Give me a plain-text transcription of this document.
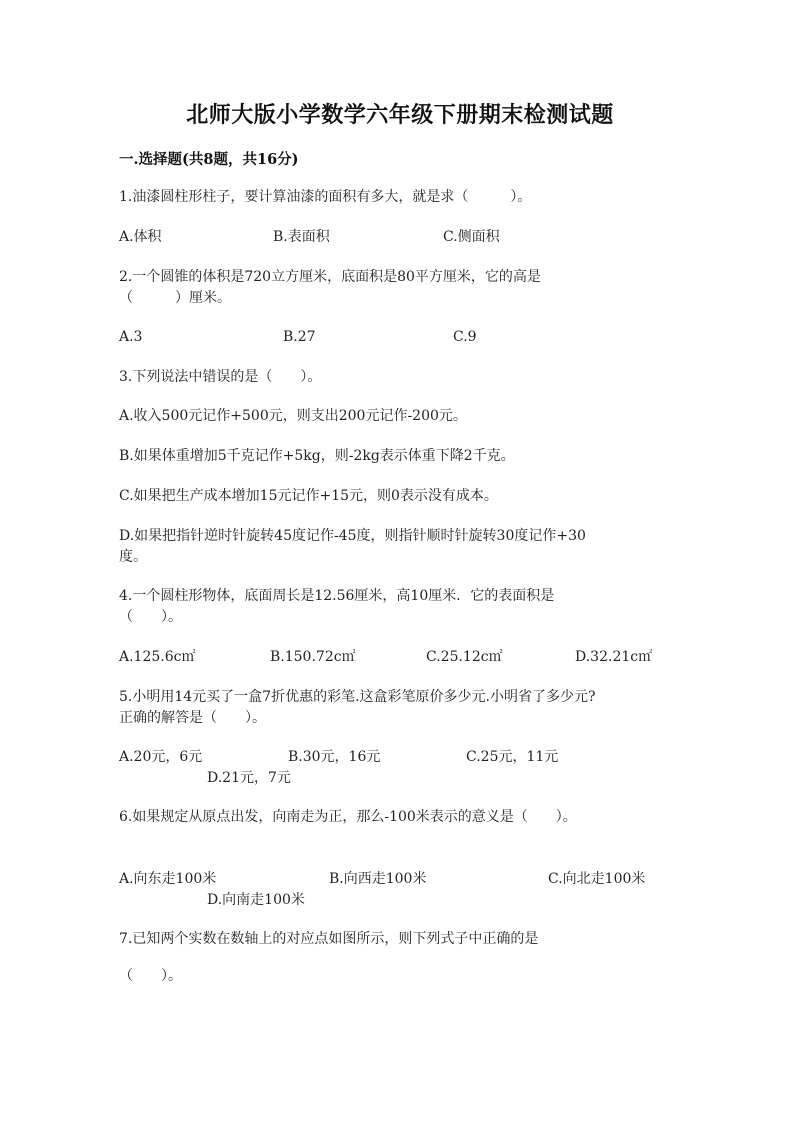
北师大版小学数学六年级下册期末检测试题
一.选择题(共8题，共16分)
1.油漆圆柱形柱子，要计算油漆的面积有多大，就是求（　　　）。
A.体积	B.表面积	C.侧面积
2.一个圆锥的体积是720立方厘米，底面积是80平方厘米，它的高是
（　　　）厘米。
A.3	B.27	C.9
3.下列说法中错误的是（　　）。
A.收入500元记作+500元，则支出200元记作-200元。
B.如果体重增加5千克记作+5kg，则-2kg表示体重下降2千克。
C.如果把生产成本增加15元记作+15元，则0表示没有成本。
D.如果把指针逆时针旋转45度记作-45度，则指针顺时针旋转30度记作+30
度。
4.一个圆柱形物体，底面周长是12.56厘米，高10厘米．它的表面积是
（　　）。
A.125.6c㎡	B.150.72c㎡	C.25.12c㎡	D.32.21c㎡
5.小明用14元买了一盒7折优惠的彩笔.这盒彩笔原价多少元.小明省了多少元?
正确的解答是（　　）。
A.20元，6元	B.30元，16元	C.25元，11元
D.21元，7元
6.如果规定从原点出发，向南走为正，那么-100米表示的意义是（　　）。
A.向东走100米	B.向西走100米	C.向北走100米
D.向南走100米
7.已知两个实数在数轴上的对应点如图所示，则下列式子中正确的是
（　　）。
